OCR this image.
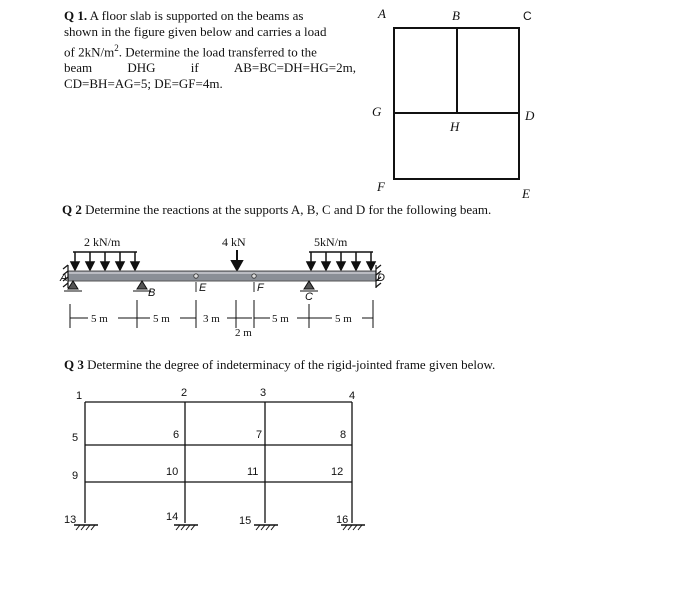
Q 1. A floor slab is supported on the beams as
shown in the figure given below and carries a load
of $2kN/m^2$. Determine the load transferred to the
beam	DHG	if	AB=BC=DH=HG=2m,
CD=BH=AG=5; DE=GF=4m.
Q 2 Determine the reactions at the supports A, B, C and D for the following beam.
Q 3 Determine the degree of indeterminacy of the rigid-jointed frame given below.
A	B	C
D
E
F
G
H
2 kN/m	4 kN	5kN/m
A
B	C
D
E	F
5 m	5 m	3 m
2 m
5 m	5 m
1	2	3	4
5	6	7	8
9	10	11	12
13	14	15	16
